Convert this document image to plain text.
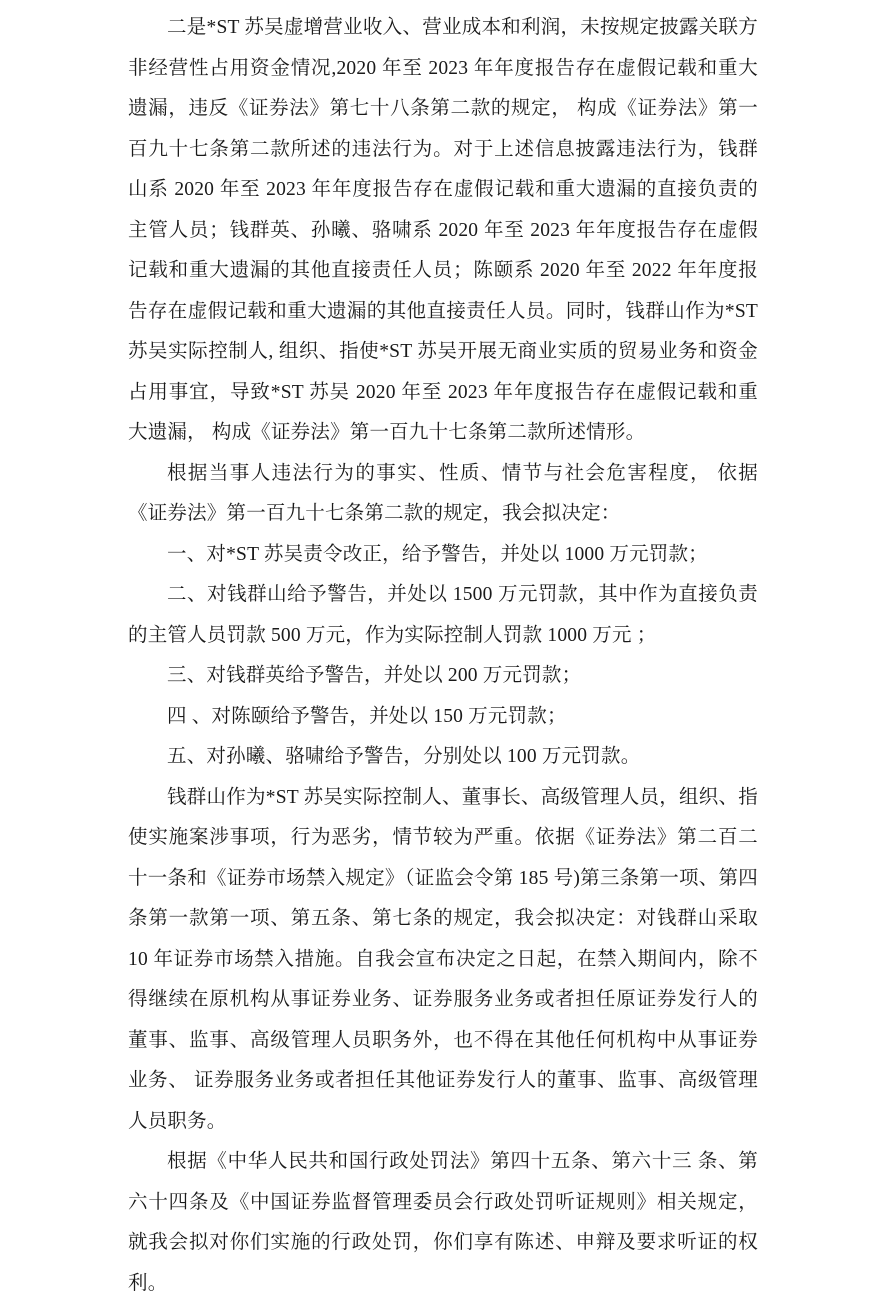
二是*ST 苏吴虚增营业收入、营业成本和利润，未按规定披露关联方非经营性占用资金情况,2020 年至 2023 年年度报告存在虚假记载和重大遗漏，违反《证券法》第七十八条第二款的规定， 构成《证券法》第一百九十七条第二款所述的违法行为。对于上述信息披露违法行为，钱群山系 2020 年至 2023 年年度报告存在虚假记载和重大遗漏的直接负责的主管人员；钱群英、孙曦、骆啸系 2020 年至 2023 年年度报告存在虚假记载和重大遗漏的其他直接责任人员；陈颐系 2020 年至 2022 年年度报告存在虚假记载和重大遗漏的其他直接责任人员。同时，钱群山作为*ST 苏吴实际控制人, 组织、指使*ST 苏吴开展无商业实质的贸易业务和资金占用事宜，导致*ST 苏吴 2020 年至 2023 年年度报告存在虚假记载和重大遗漏， 构成《证券法》第一百九十七条第二款所述情形。

根据当事人违法行为的事实、性质、情节与社会危害程度， 依据《证券法》第一百九十七条第二款的规定，我会拟决定：

一、对*ST 苏吴责令改正，给予警告，并处以 1000 万元罚款；

二、对钱群山给予警告，并处以 1500 万元罚款，其中作为直接负责的主管人员罚款 500 万元，作为实际控制人罚款 1000 万元 ；

三、对钱群英给予警告，并处以 200 万元罚款；

四 、对陈颐给予警告，并处以 150 万元罚款；

五、对孙曦、骆啸给予警告，分别处以 100 万元罚款。

钱群山作为*ST 苏吴实际控制人、董事长、高级管理人员，组织、指使实施案涉事项，行为恶劣，情节较为严重。依据《证券法》第二百二十一条和《证券市场禁入规定》（证监会令第 185 号)第三条第一项、第四条第一款第一项、第五条、第七条的规定，我会拟决定：对钱群山采取 10 年证券市场禁入措施。自我会宣布决定之日起，在禁入期间内，除不得继续在原机构从事证券业务、证券服务业务或者担任原证券发行人的董事、监事、高级管理人员职务外，也不得在其他任何机构中从事证券业务、 证券服务业务或者担任其他证券发行人的董事、监事、高级管理人员职务。

根据《中华人民共和国行政处罚法》第四十五条、第六十三 条、第六十四条及《中国证券监督管理委员会行政处罚听证规则》相关规定，就我会拟对你们实施的行政处罚，你们享有陈述、申辩及要求听证的权利。
